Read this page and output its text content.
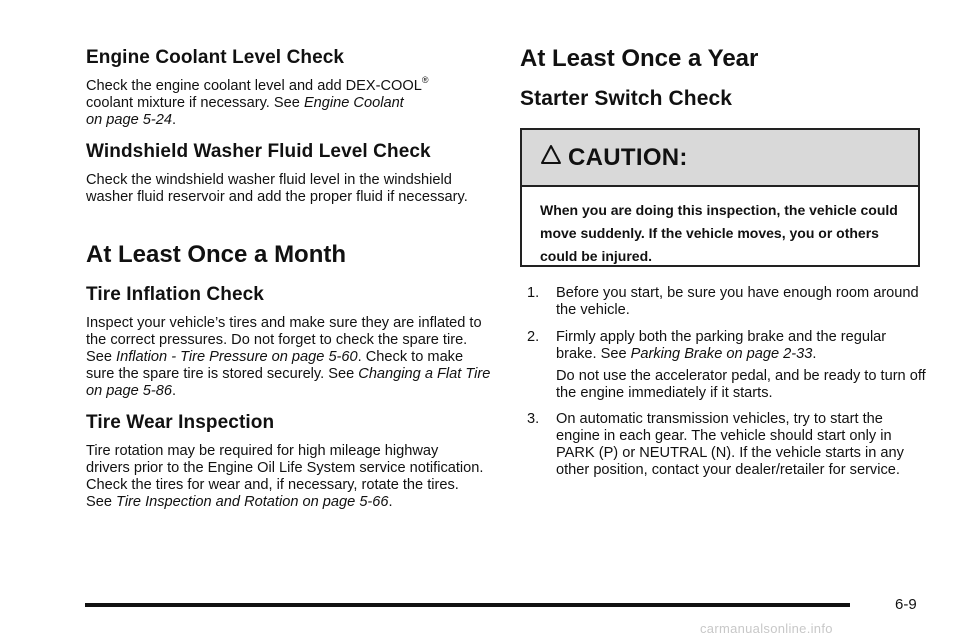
Engine Coolant Level Check

Check the engine coolant level and add DEX-COOL®
coolant mixture if necessary. See Engine Coolant
on page 5-24.

Windshield Washer Fluid Level Check

Check the windshield washer fluid level in the windshield washer fluid reservoir and add the proper fluid if necessary.

At Least Once a Month
Tire Inflation Check

Inspect your vehicle’s tires and make sure they are inflated to the correct pressures. Do not forget to check the spare tire. See Inflation - Tire Pressure on page 5-60. Check to make sure the spare tire is stored securely. See Changing a Flat Tire on page 5-86.

Tire Wear Inspection

Tire rotation may be required for high mileage highway drivers prior to the Engine Oil Life System service notification. Check the tires for wear and, if necessary, rotate the tires. See Tire Inspection and Rotation on page 5-66.

At Least Once a Year
Starter Switch Check
CAUTION:
When you are doing this inspection, the vehicle could move suddenly. If the vehicle moves, you or others could be injured.
1. Before you start, be sure you have enough room around the vehicle.
2. Firmly apply both the parking brake and the regular brake. See Parking Brake on page 2-33.
Do not use the accelerator pedal, and be ready to turn off the engine immediately if it starts.
3. On automatic transmission vehicles, try to start the engine in each gear. The vehicle should start only in PARK (P) or NEUTRAL (N). If the vehicle starts in any other position, contact your dealer/retailer for service.
6-9
carmanualsonline.info
